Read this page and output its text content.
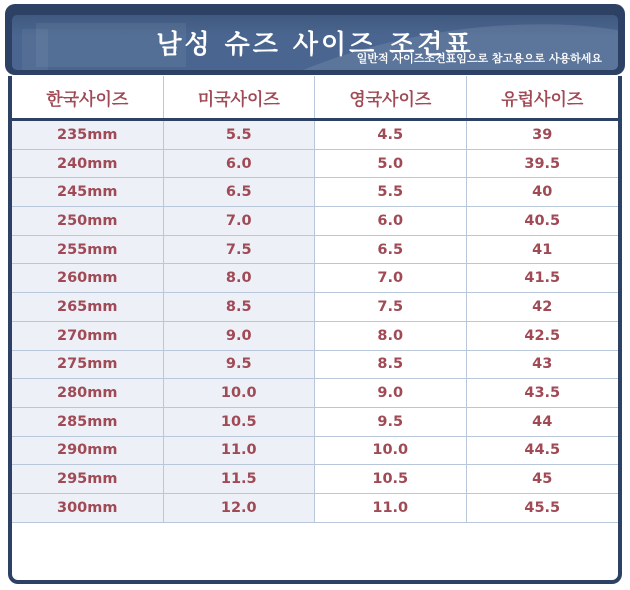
남성 슈즈 사이즈 조견표
일반적 사이즈조견표임으로 참고용으로 사용하세요
한국사이즈	미국사이즈	영국사이즈	유럽사이즈
235mm	5.5	4.5	39
240mm	6.0	5.0	39.5
245mm	6.5	5.5	40
250mm	7.0	6.0	40.5
255mm	7.5	6.5	41
260mm	8.0	7.0	41.5
265mm	8.5	7.5	42
270mm	9.0	8.0	42.5
275mm	9.5	8.5	43
280mm	10.0	9.0	43.5
285mm	10.5	9.5	44
290mm	11.0	10.0	44.5
295mm	11.5	10.5	45
300mm	12.0	11.0	45.5
